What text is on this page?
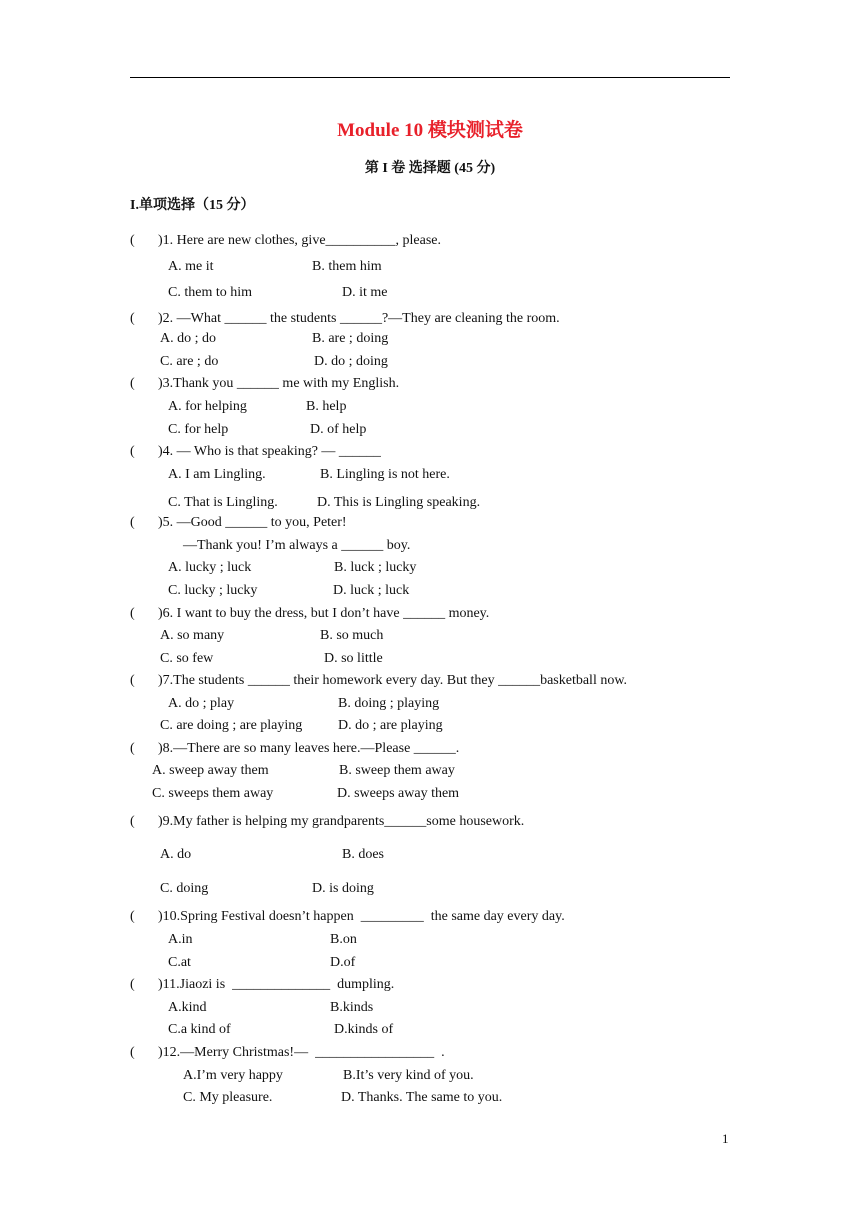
Module 10 模块测试卷
第 I 卷 选择题 (45 分)
I.单项选择（15 分）
( )1. Here are new clothes, give__________, please.
A. me it	B. them him
C. them to him	D. it me
( )2. —What ______ the students ______?—They are cleaning the room.
A. do ; do	B. are ; doing
C. are ; do	D. do ; doing
( )3.Thank you ______ me with my English.
A. for helping	B. help
C. for help	D. of help
( )4. — Who is that speaking? — ______
A. I am Lingling.	B. Lingling is not here.
C. That is Lingling.	D. This is Lingling speaking.
( )5. —Good ______ to you, Peter!
—Thank you! I’m always a ______ boy.
A. lucky ; luck	B. luck ; lucky
C. lucky ; lucky	D. luck ; luck
( )6. I want to buy the dress, but I don’t have ______ money.
A. so many	B. so much
C. so few	D. so little
( )7.The students ______ their homework every day. But they ______basketball now.
A. do ; play	B. doing ; playing
C. are doing ; are playing	D. do ; are playing
( )8.—There are so many leaves here.—Please ______.
A. sweep away them	B. sweep them away
C. sweeps them away	D. sweeps away them
( )9.My father is helping my grandparents______some housework.
A. do	B. does
C. doing	D. is doing
( )10.Spring Festival doesn’t happen  _________  the same day every day.
A.in	B.on
C.at	D.of
( )11.Jiaozi is  ______________  dumpling.
A.kind	B.kinds
C.a kind of	D.kinds of
( )12.—Merry Christmas!—  _________________  .
A.I’m very happy	B.It’s very kind of you.
C. My pleasure.	D. Thanks. The same to you.
1
